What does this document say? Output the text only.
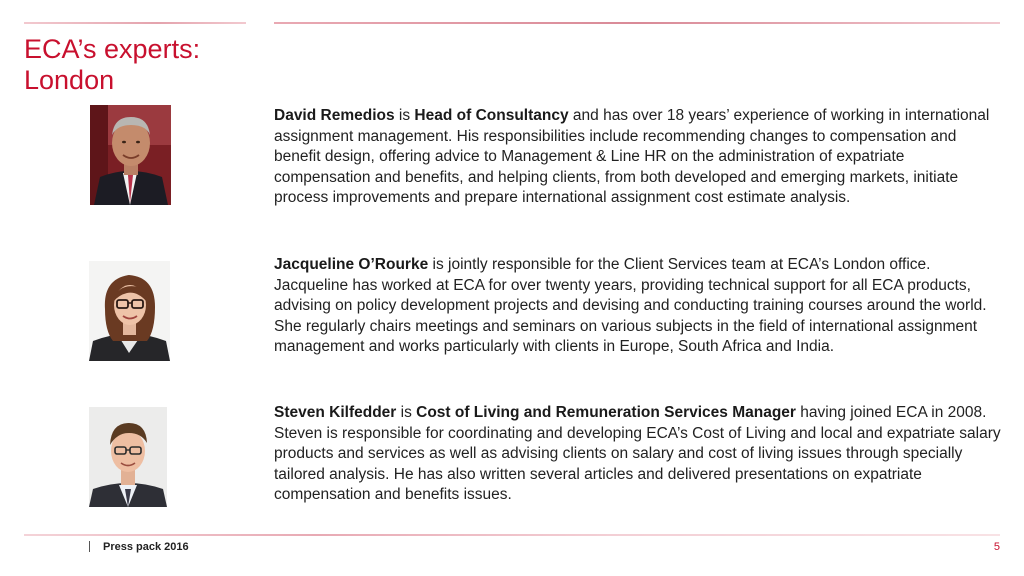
ECA’s experts:
London

David Remedios is Head of Consultancy and has over 18 years’ experience of working in international assignment management. His responsibilities include recommending changes to compensation and benefit design, offering advice to Management & Line HR on the administration of expatriate compensation and benefits, and helping clients, from both developed and emerging markets, initiate process improvements and prepare international assignment cost estimate analysis.

Jacqueline O’Rourke is jointly responsible for the Client Services team at ECA’s London office. Jacqueline has worked at ECA for over twenty years, providing technical support for all ECA products, advising on policy development projects and devising and conducting training courses around the world. She regularly chairs meetings and seminars on various subjects in the field of international assignment management and works particularly with clients in Europe, South Africa and India.

Steven Kilfedder is Cost of Living and Remuneration Services Manager having joined ECA in 2008. Steven is responsible for coordinating and developing ECA’s Cost of Living and local and expatriate salary products and services as well as advising clients on salary and cost of living issues through specially tailored analysis. He has also written several articles and delivered presentations on expatriate compensation and benefits issues.

Press pack 2016	5
